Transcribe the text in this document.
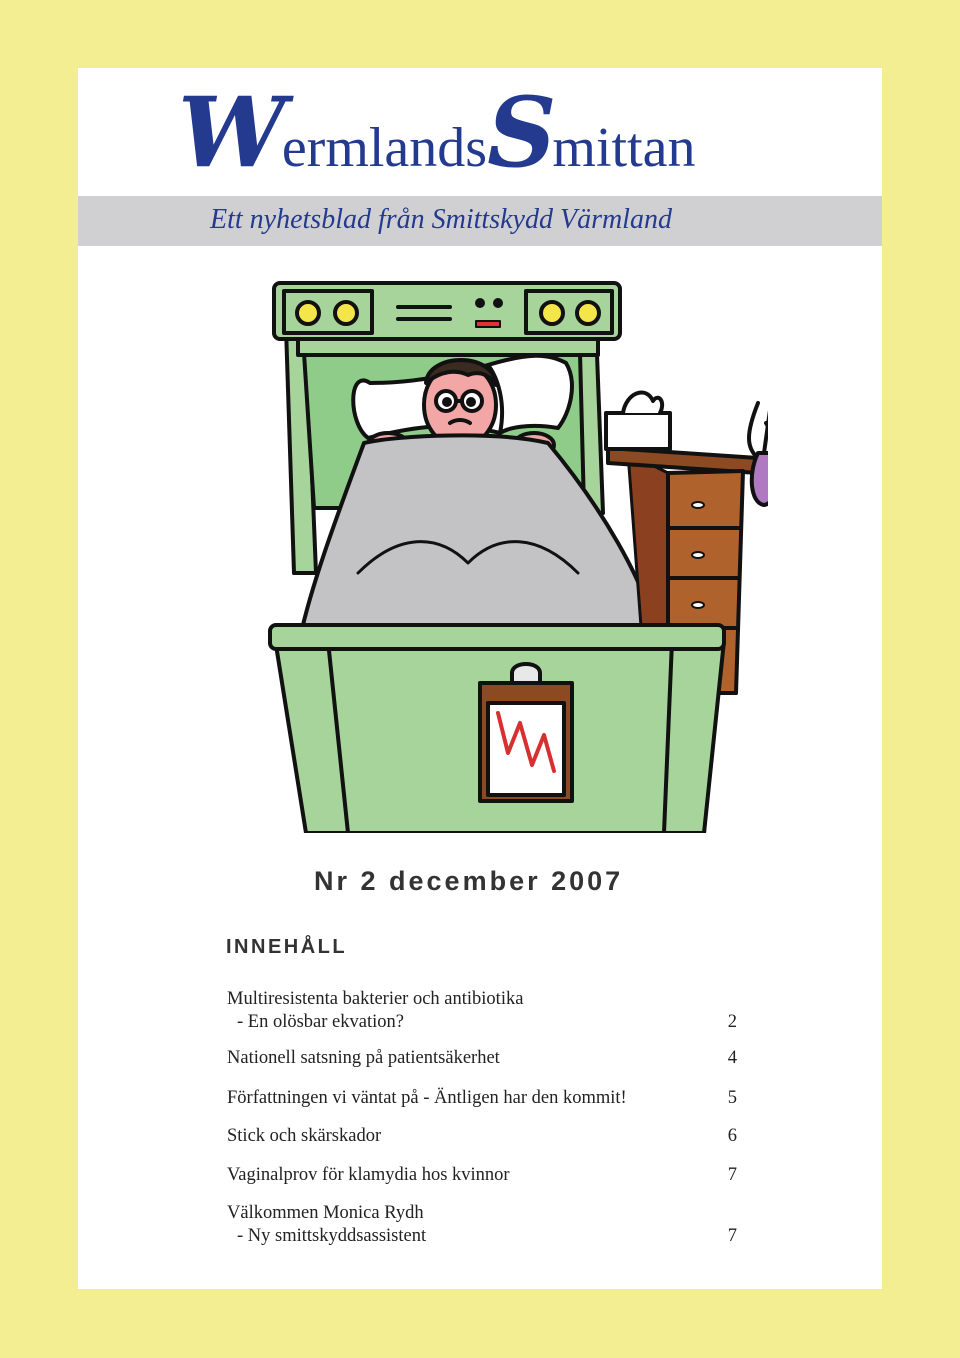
WermlandsSmittan
Ett nyhetsblad från Smittskydd Värmland
Nr 2 december 2007
INNEHÅLL
Multiresistenta bakterier och antibiotika
- En olösbar ekvation?	2
Nationell satsning på patientsäkerhet	4
Författningen vi väntat på - Äntligen har den kommit!	5
Stick och skärskador	6
Vaginalprov för klamydia hos kvinnor	7
Välkommen Monica Rydh
- Ny smittskyddsassistent	7
